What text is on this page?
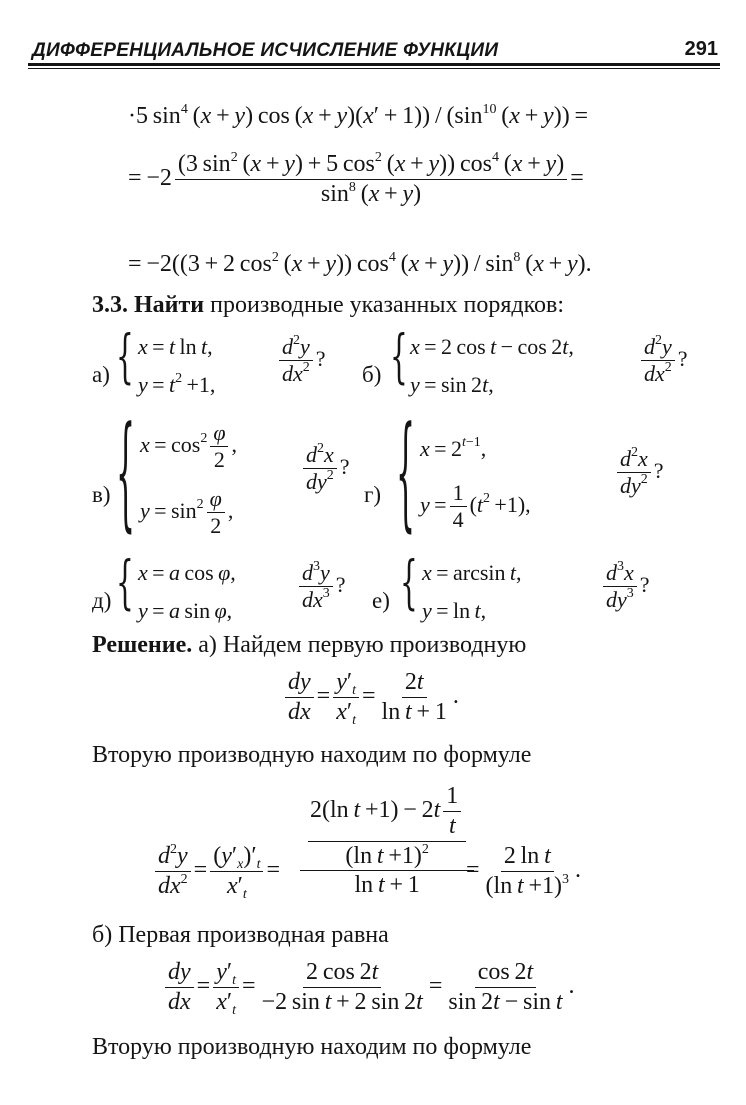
ДИФФЕРЕНЦИАЛЬНОЕ ИСЧИСЛЕНИЕ ФУНКЦИИ	291
·5 $\sin^4 (x + y)$ $\cos (x + y)(x' + 1)) / (\sin^{10}$ (x + y)) =
= $-2 \frac{(3 \sin^2 (x + y) + 5 \cos^2 (x + y)) \cos^4 (x + y)}{\sin^8 (x + y)}$ =
= −2((3 + 2 $\cos^2 (x + y)$) $\cos^4 (x + y)) / \sin^8 (x + y)$.
3.3. Найти производные указанных порядков:
а) { x = t ln t,
$y = t^2 +1$,	$\frac{d^2y}{dx^2}$ ?
б) { x = 2 cos t − cos 2t,
y = sin 2t,	$\frac{d^2y}{dx^2}$ ?
в) { $x = \cos^2 \frac{\varphi}{2}$ ,
$y = \sin^2 \frac{\varphi}{2}$ ,
$\frac{d^2x}{dy^2}$ ?
г) { $x = 2^{t-1}$,
$y = \frac{1}{4} (t^2 +1)$,
$\frac{d^2x}{dy^2}$ ?
д) { x = a cos φ,
y = a sin φ,	$\frac{d^3y}{dx^3}$ ?
е) { x = arcsin t,
y = ln t,	$\frac{d^3x}{dy^3}$ ?
Решение. а) Найдем первую производную
$\frac{dy}{dx} = \frac{y'_t}{x'_t} = \frac{2t}{\text{ln t + 1}}$ .
Вторую производную находим по формуле
$\frac{d^2y}{dx^2} = \frac{(y'_x)'_t}{x'_t} = \frac{\frac{2(\ln t +1) - 2t \frac{1}{t}}{(\ln t +1)^2}}{\text{ln t + 1}}$
= $\frac{\text{2 ln t}}{(\ln t +1)^3}$ .
б) Первая производная равна
$\frac{dy}{dx} = \frac{y'_t}{x'_t} = \frac{2 \cos 2t}{\text{−2 sin t + 2 sin 2t}} = \frac{\cos 2t}{\text{sin 2t − sin t}}$ .
Вторую производную находим по формуле
